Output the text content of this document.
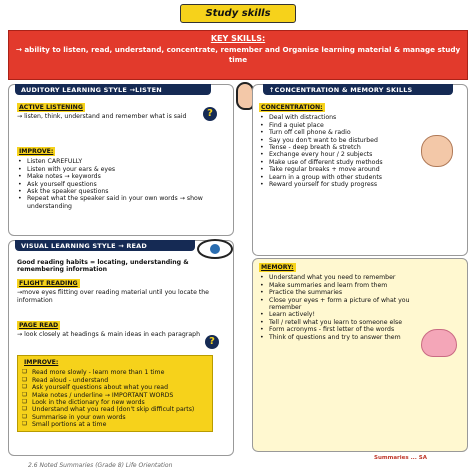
Study skills
KEY SKILLS:
→ ability to listen, read, understand, concentrate, remember and Organise learning material & manage study time
AUDITORY LEARNING STYLE →LISTEN
?
ACTIVE LISTENING
→ listen, think, understand and remember what is said
IMPROVE:
• Listen CAREFULLY
• Listen with your ears & eyes
• Make notes → keywords
• Ask yourself questions
• Ask the speaker questions
• Repeat what the speaker said in your own words → show understanding
↑CONCENTRATION & MEMORY SKILLS
CONCENTRATION:
• Deal with distractions
• Find a quiet place
• Turn off cell phone & radio
• Say you don't want to be disturbed
• Tense - deep breath & stretch
• Exchange every hour / 2 subjects
• Make use of different study methods
• Take regular breaks + move around
• Learn in a group with other students
• Reward yourself for study progress
VISUAL LEARNING STYLE → READ
Good reading habits = locating, understanding & remembering information
FLIGHT READING
→move eyes flitting over reading material until you locate the information
PAGE READ
→ look closely at headings & main ideas in each paragraph
?
IMPROVE:
❏ Read more slowly - learn more than 1 time
❏ Read aloud - understand
❏ Ask yourself questions about what you read
❏ Make notes / underline → IMPORTANT WORDS
❏ Look in the dictionary for new words
❏ Understand what you read (don't skip difficult parts)
❏ Summarise in your own words
❏ Small portions at a time
MEMORY:
• Understand what you need to remember
• Make summaries and learn from them
• Practice the summaries
• Close your eyes + form a picture of what you remember
• Learn actively!
• Tell / retell what you learn to someone else
• Form acronyms - first letter of the words
• Think of questions and try to answer them
2.6 Noted Summaries (Grade 8) Life Orientation
Summaries ... SA
